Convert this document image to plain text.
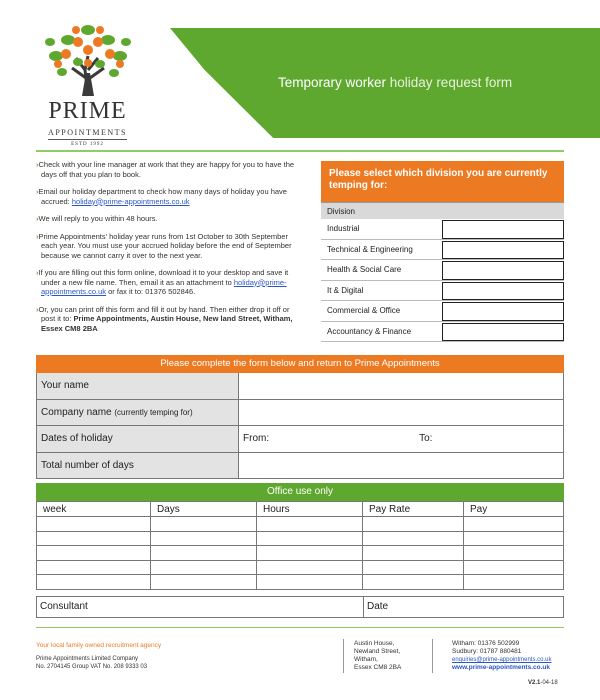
PRIME
APPOINTMENTS
ESTD 1992
Temporary worker holiday request form

›Check with your line manager at work that they are happy for you to have the days off that you plan to book.

›Email our holiday department to check how many days of holiday you have accrued: holiday@prime-appointments.co.uk

›We will reply to you within 48 hours.

›Prime Appointments' holiday year runs from 1st October to 30th September each year. You must use your accrued holiday before the end of September because we cannot carry it over to the next year.

›If you are filling out this form online, download it to your desktop and save it under a new file name. Then, email it as an attachment to holiday@prime-appointments.co.uk or fax it to: 01376 502846.

›Or, you can print off this form and fill it out by hand. Then either drop it off or post it to: Prime Appointments, Austin House, New land Street, Witham, Essex CM8 2BA

Please select which division you are currently temping for:
Division
Industrial
Technical & Engineering
Health & Social Care
It & Digital
Commercial & Office
Accountancy & Finance
Please complete the form below and return to Prime Appointments
Your name
Company name (currently temping for)
Dates of holiday	From:	To:
Total number of days
Office use only
week	Days	Hours	Pay Rate	Pay

Consultant	Date
Your local family owned recruitment agency
Prime Appointments Limited Company
No. 2704145 Group VAT No. 208 9333 03
Austin House,
Newland Street,
Witham,
Essex CM8 2BA
Witham: 01376 502999
Sudbury: 01787 880481
enquiries@prime-appointments.co.uk
www.prime-appointments.co.uk
V2.1-04-18
